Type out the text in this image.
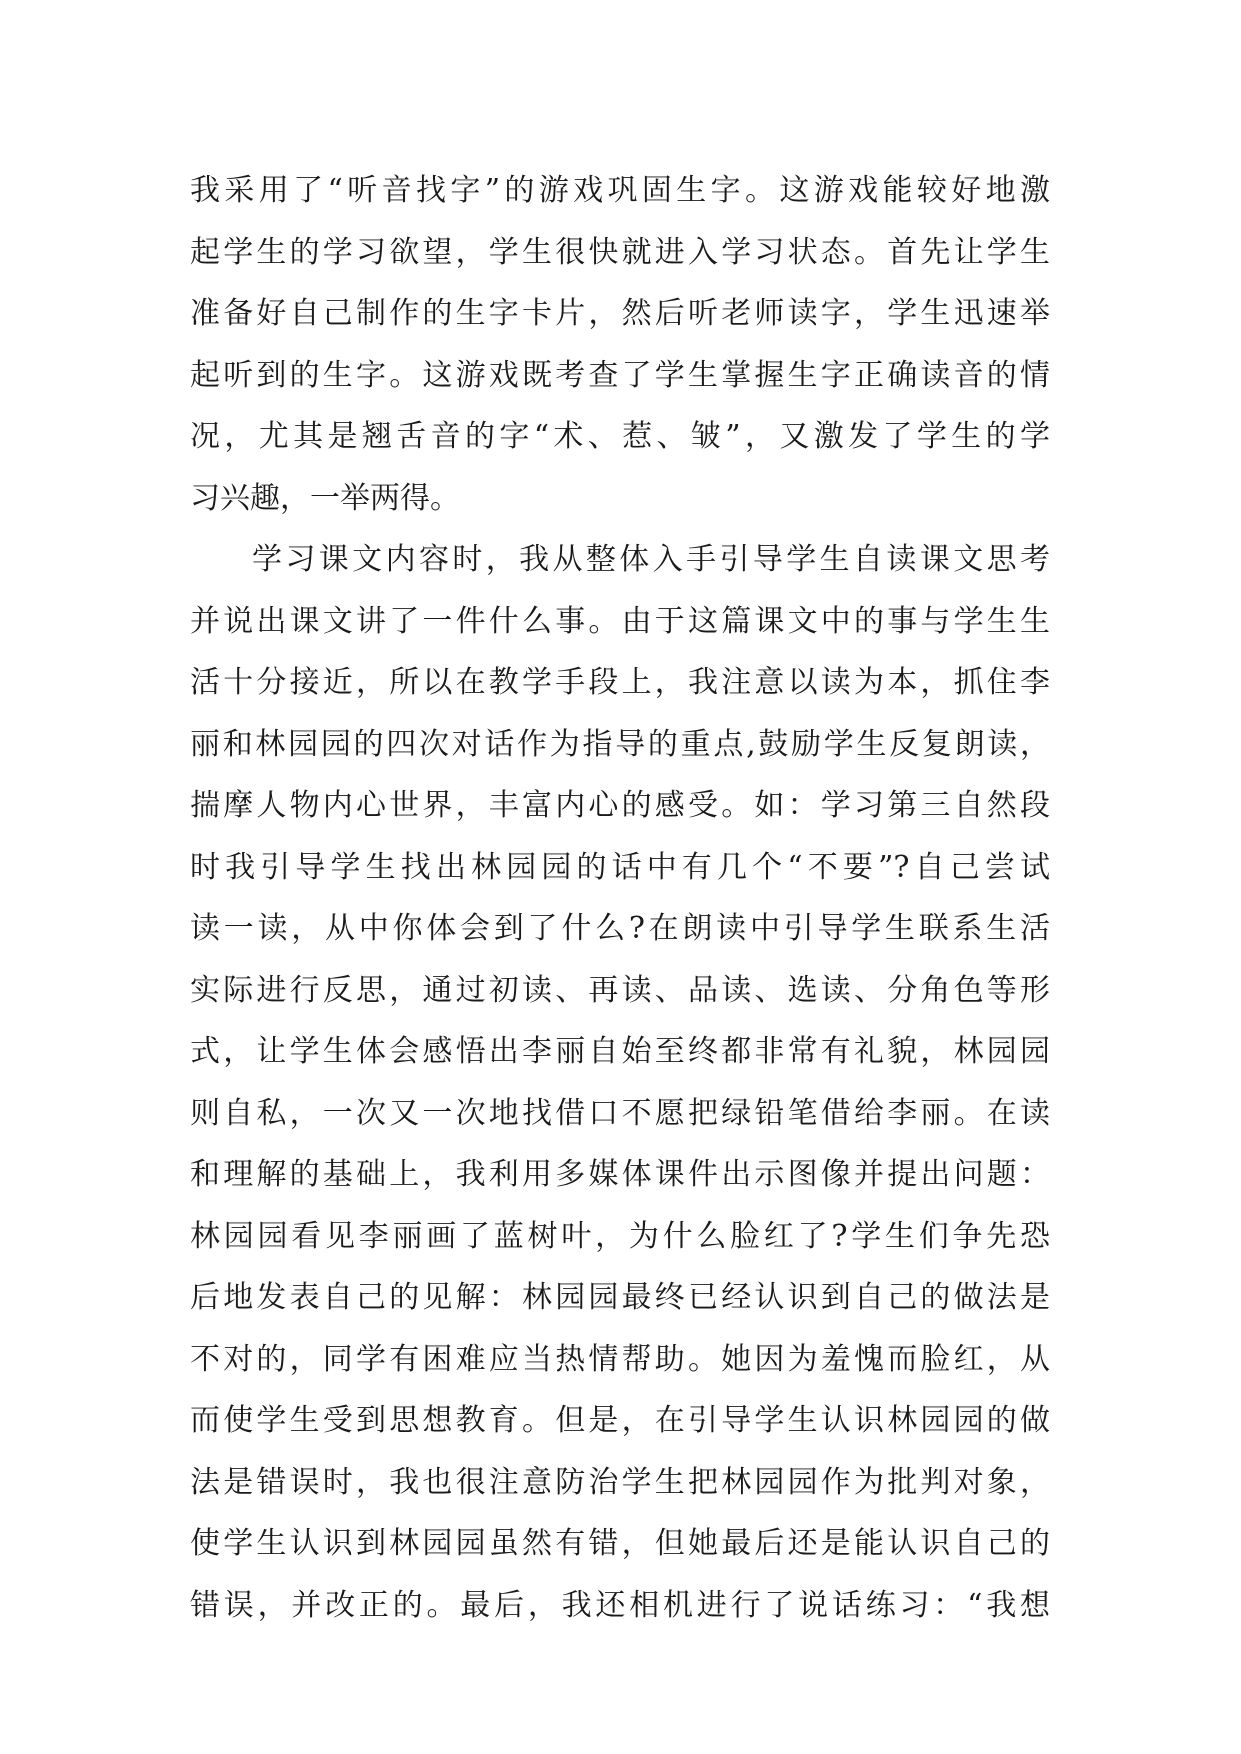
我采用了“听音找字”的游戏巩固生字。这游戏能较好地激
起学生的学习欲望，学生很快就进入学习状态。首先让学生
准备好自己制作的生字卡片，然后听老师读字，学生迅速举
起听到的生字。这游戏既考查了学生掌握生字正确读音的情
况，尤其是翘舌音的字“术、惹、皱”，又激发了学生的学
习兴趣，一举两得。
学习课文内容时，我从整体入手引导学生自读课文思考
并说出课文讲了一件什么事。由于这篇课文中的事与学生生
活十分接近，所以在教学手段上，我注意以读为本，抓住李
丽和林园园的四次对话作为指导的重点,鼓励学生反复朗读，
揣摩人物内心世界，丰富内心的感受。如：学习第三自然段
时我引导学生找出林园园的话中有几个“不要”?自己尝试
读一读，从中你体会到了什么?在朗读中引导学生联系生活
实际进行反思，通过初读、再读、品读、选读、分角色等形
式，让学生体会感悟出李丽自始至终都非常有礼貌，林园园
则自私，一次又一次地找借口不愿把绿铅笔借给李丽。在读
和理解的基础上，我利用多媒体课件出示图像并提出问题：
林园园看见李丽画了蓝树叶，为什么脸红了?学生们争先恐
后地发表自己的见解：林园园最终已经认识到自己的做法是
不对的，同学有困难应当热情帮助。她因为羞愧而脸红，从
而使学生受到思想教育。但是，在引导学生认识林园园的做
法是错误时，我也很注意防治学生把林园园作为批判对象，
使学生认识到林园园虽然有错，但她最后还是能认识自己的
错误，并改正的。最后，我还相机进行了说话练习：“我想
